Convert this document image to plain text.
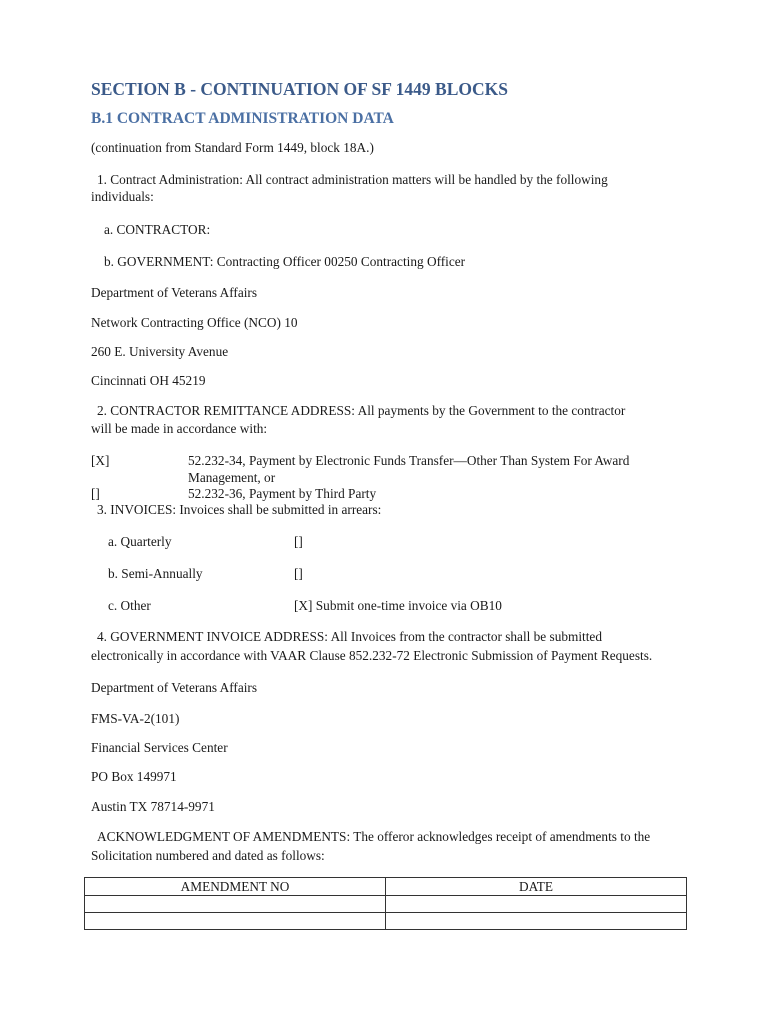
SECTION B - CONTINUATION OF SF 1449 BLOCKS
B.1 CONTRACT ADMINISTRATION DATA
(continuation from Standard Form 1449, block 18A.)
1. Contract Administration: All contract administration matters will be handled by the following
individuals:
a. CONTRACTOR:
b. GOVERNMENT: Contracting Officer 00250 Contracting Officer
Department of Veterans Affairs
Network Contracting Office (NCO) 10
260 E. University Avenue
Cincinnati OH 45219
2. CONTRACTOR REMITTANCE ADDRESS: All payments by the Government to the contractor
will be made in accordance with:
[X]	52.232-34, Payment by Electronic Funds Transfer—Other Than System For Award
Management, or
[]	52.232-36, Payment by Third Party
3. INVOICES: Invoices shall be submitted in arrears:
a. Quarterly	[]
b. Semi-Annually	[]
c. Other	[X] Submit one-time invoice via OB10
4. GOVERNMENT INVOICE ADDRESS: All Invoices from the contractor shall be submitted
electronically in accordance with VAAR Clause 852.232-72 Electronic Submission of Payment Requests.
Department of Veterans Affairs
FMS-VA-2(101)
Financial Services Center
PO Box 149971
Austin TX 78714-9971
ACKNOWLEDGMENT OF AMENDMENTS: The offeror acknowledges receipt of amendments to the
Solicitation numbered and dated as follows:
AMENDMENT NO	DATE
